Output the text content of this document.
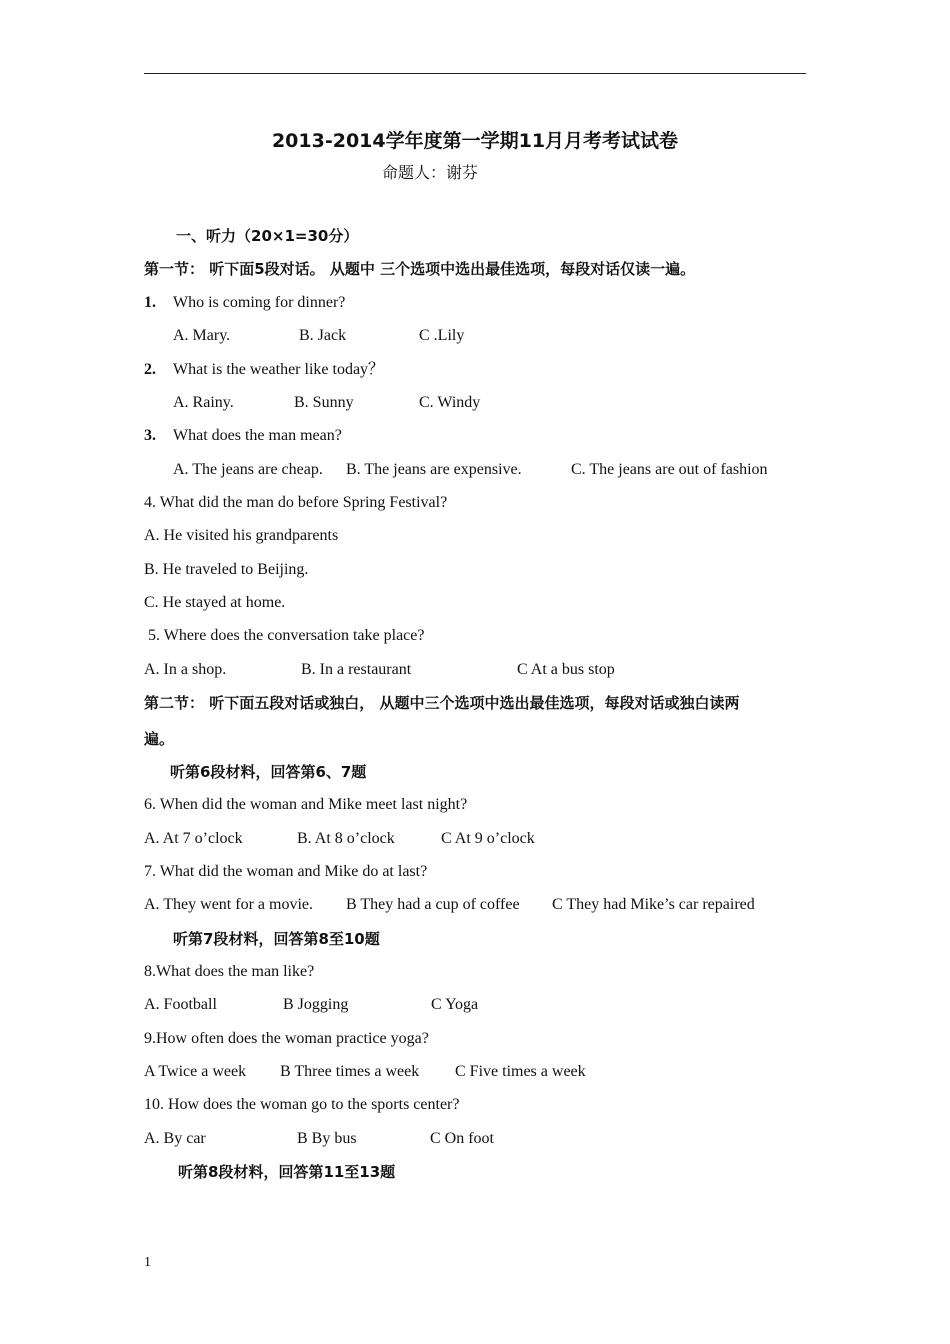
2013-2014学年度第一学期11月月考考试试卷
命题人：谢芬
一、听力（20×1=30分）
第一节： 听下面5段对话。 从题中 三个选项中选出最佳选项，每段对话仅读一遍。
1. Who is coming for dinner?
A. Mary.	B. Jack	C .Lily
2. What is the weather like today？
A. Rainy.	B. Sunny	C. Windy
3. What does the man mean?
A. The jeans are cheap. B. The jeans are expensive.	C. The jeans are out of fashion
4. What did the man do before Spring Festival?
A. He visited his grandparents
B. He traveled to Beijing.
C. He stayed at home.
5. Where does the conversation take place?
A. In a shop.	B. In a restaurant	C At a bus stop
第二节： 听下面五段对话或独白， 从题中三个选项中选出最佳选项，每段对话或独白读两
遍。
听第6段材料，回答第6、7题
6. When did the woman and Mike meet last night?
A. At 7 o’clock	B. At 8 o’clock	C At 9 o’clock
7. What did the woman and Mike do at last?
A. They went for a movie. B They had a cup of coffee C They had Mike’s car repaired
听第7段材料，回答第8至10题
8.What does the man like?
A. Football	B Jogging	C Yoga
9.How often does the woman practice yoga?
A Twice a week B Three times a week C Five times a week
10. How does the woman go to the sports center?
A. By car	B By bus	C On foot
听第8段材料，回答第11至13题
1
